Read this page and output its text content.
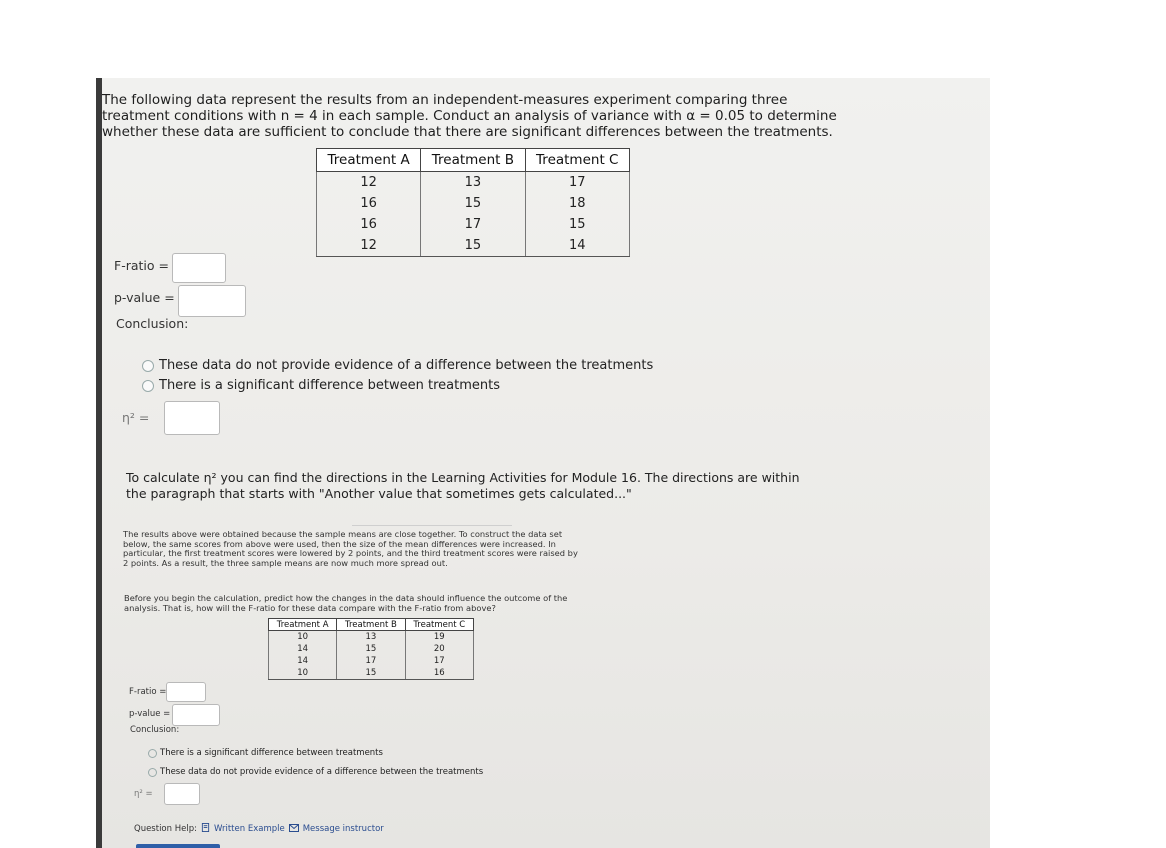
The following data represent the results from an independent-measures experiment comparing three
treatment conditions with n = 4 in each sample. Conduct an analysis of variance with α = 0.05 to determine
whether these data are sufficient to conclude that there are significant differences between the treatments.
Treatment A	Treatment B	Treatment C
12	13	17
16	15	18
16	17	15
12	15	14
F-ratio =
p-value =
Conclusion:
These data do not provide evidence of a difference between the treatments
There is a significant difference between treatments
η² =
To calculate η² you can find the directions in the Learning Activities for Module 16. The directions are within
the paragraph that starts with "Another value that sometimes gets calculated..."
The results above were obtained because the sample means are close together. To construct the data set
below, the same scores from above were used, then the size of the mean differences were increased. In
particular, the first treatment scores were lowered by 2 points, and the third treatment scores were raised by
2 points. As a result, the three sample means are now much more spread out.
Before you begin the calculation, predict how the changes in the data should influence the outcome of the
analysis. That is, how will the F-ratio for these data compare with the F-ratio from above?
Treatment A	Treatment B	Treatment C
10	13	19
14	15	20
14	17	17
10	15	16
F-ratio =
p-value =
Conclusion:
There is a significant difference between treatments
These data do not provide evidence of a difference between the treatments
η² =
Question Help: Written Example Message instructor
